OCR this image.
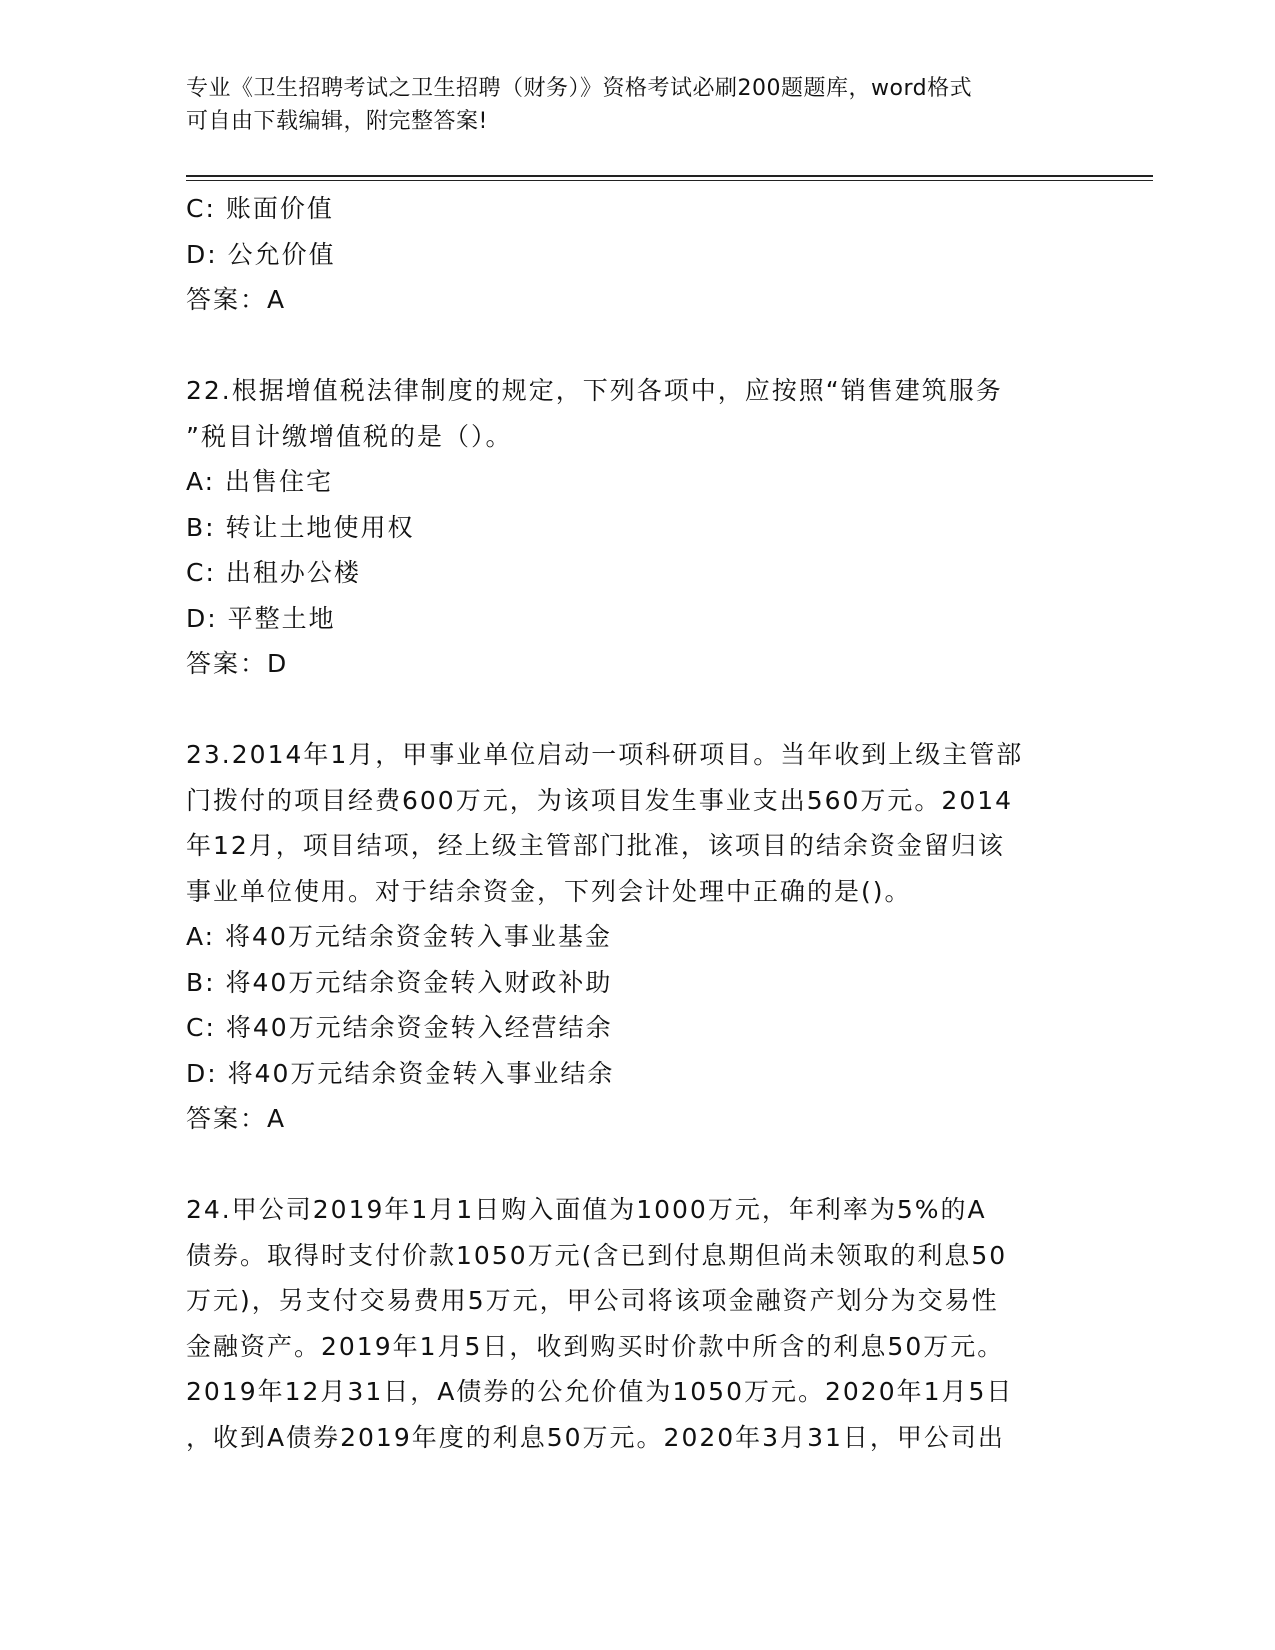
专业《卫生招聘考试之卫生招聘（财务）》资格考试必刷200题题库，word格式
可自由下载编辑，附完整答案!
C: 账面价值
D: 公允价值
答案：A
22.根据增值税法律制度的规定，下列各项中，应按照“销售建筑服务
”税目计缴增值税的是（）。
A: 出售住宅
B: 转让土地使用权
C: 出租办公楼
D: 平整土地
答案：D
23.2014年1月，甲事业单位启动一项科研项目。当年收到上级主管部
门拨付的项目经费600万元，为该项目发生事业支出560万元。2014
年12月，项目结项，经上级主管部门批准，该项目的结余资金留归该
事业单位使用。对于结余资金，下列会计处理中正确的是()。
A: 将40万元结余资金转入事业基金
B: 将40万元结余资金转入财政补助
C: 将40万元结余资金转入经营结余
D: 将40万元结余资金转入事业结余
答案：A
24.甲公司2019年1月1日购入面值为1000万元，年利率为5%的A
债券。取得时支付价款1050万元(含已到付息期但尚未领取的利息50
万元)，另支付交易费用5万元，甲公司将该项金融资产划分为交易性
金融资产。2019年1月5日，收到购买时价款中所含的利息50万元。
2019年12月31日，A债券的公允价值为1050万元。2020年1月5日
，收到A债券2019年度的利息50万元。2020年3月31日，甲公司出
